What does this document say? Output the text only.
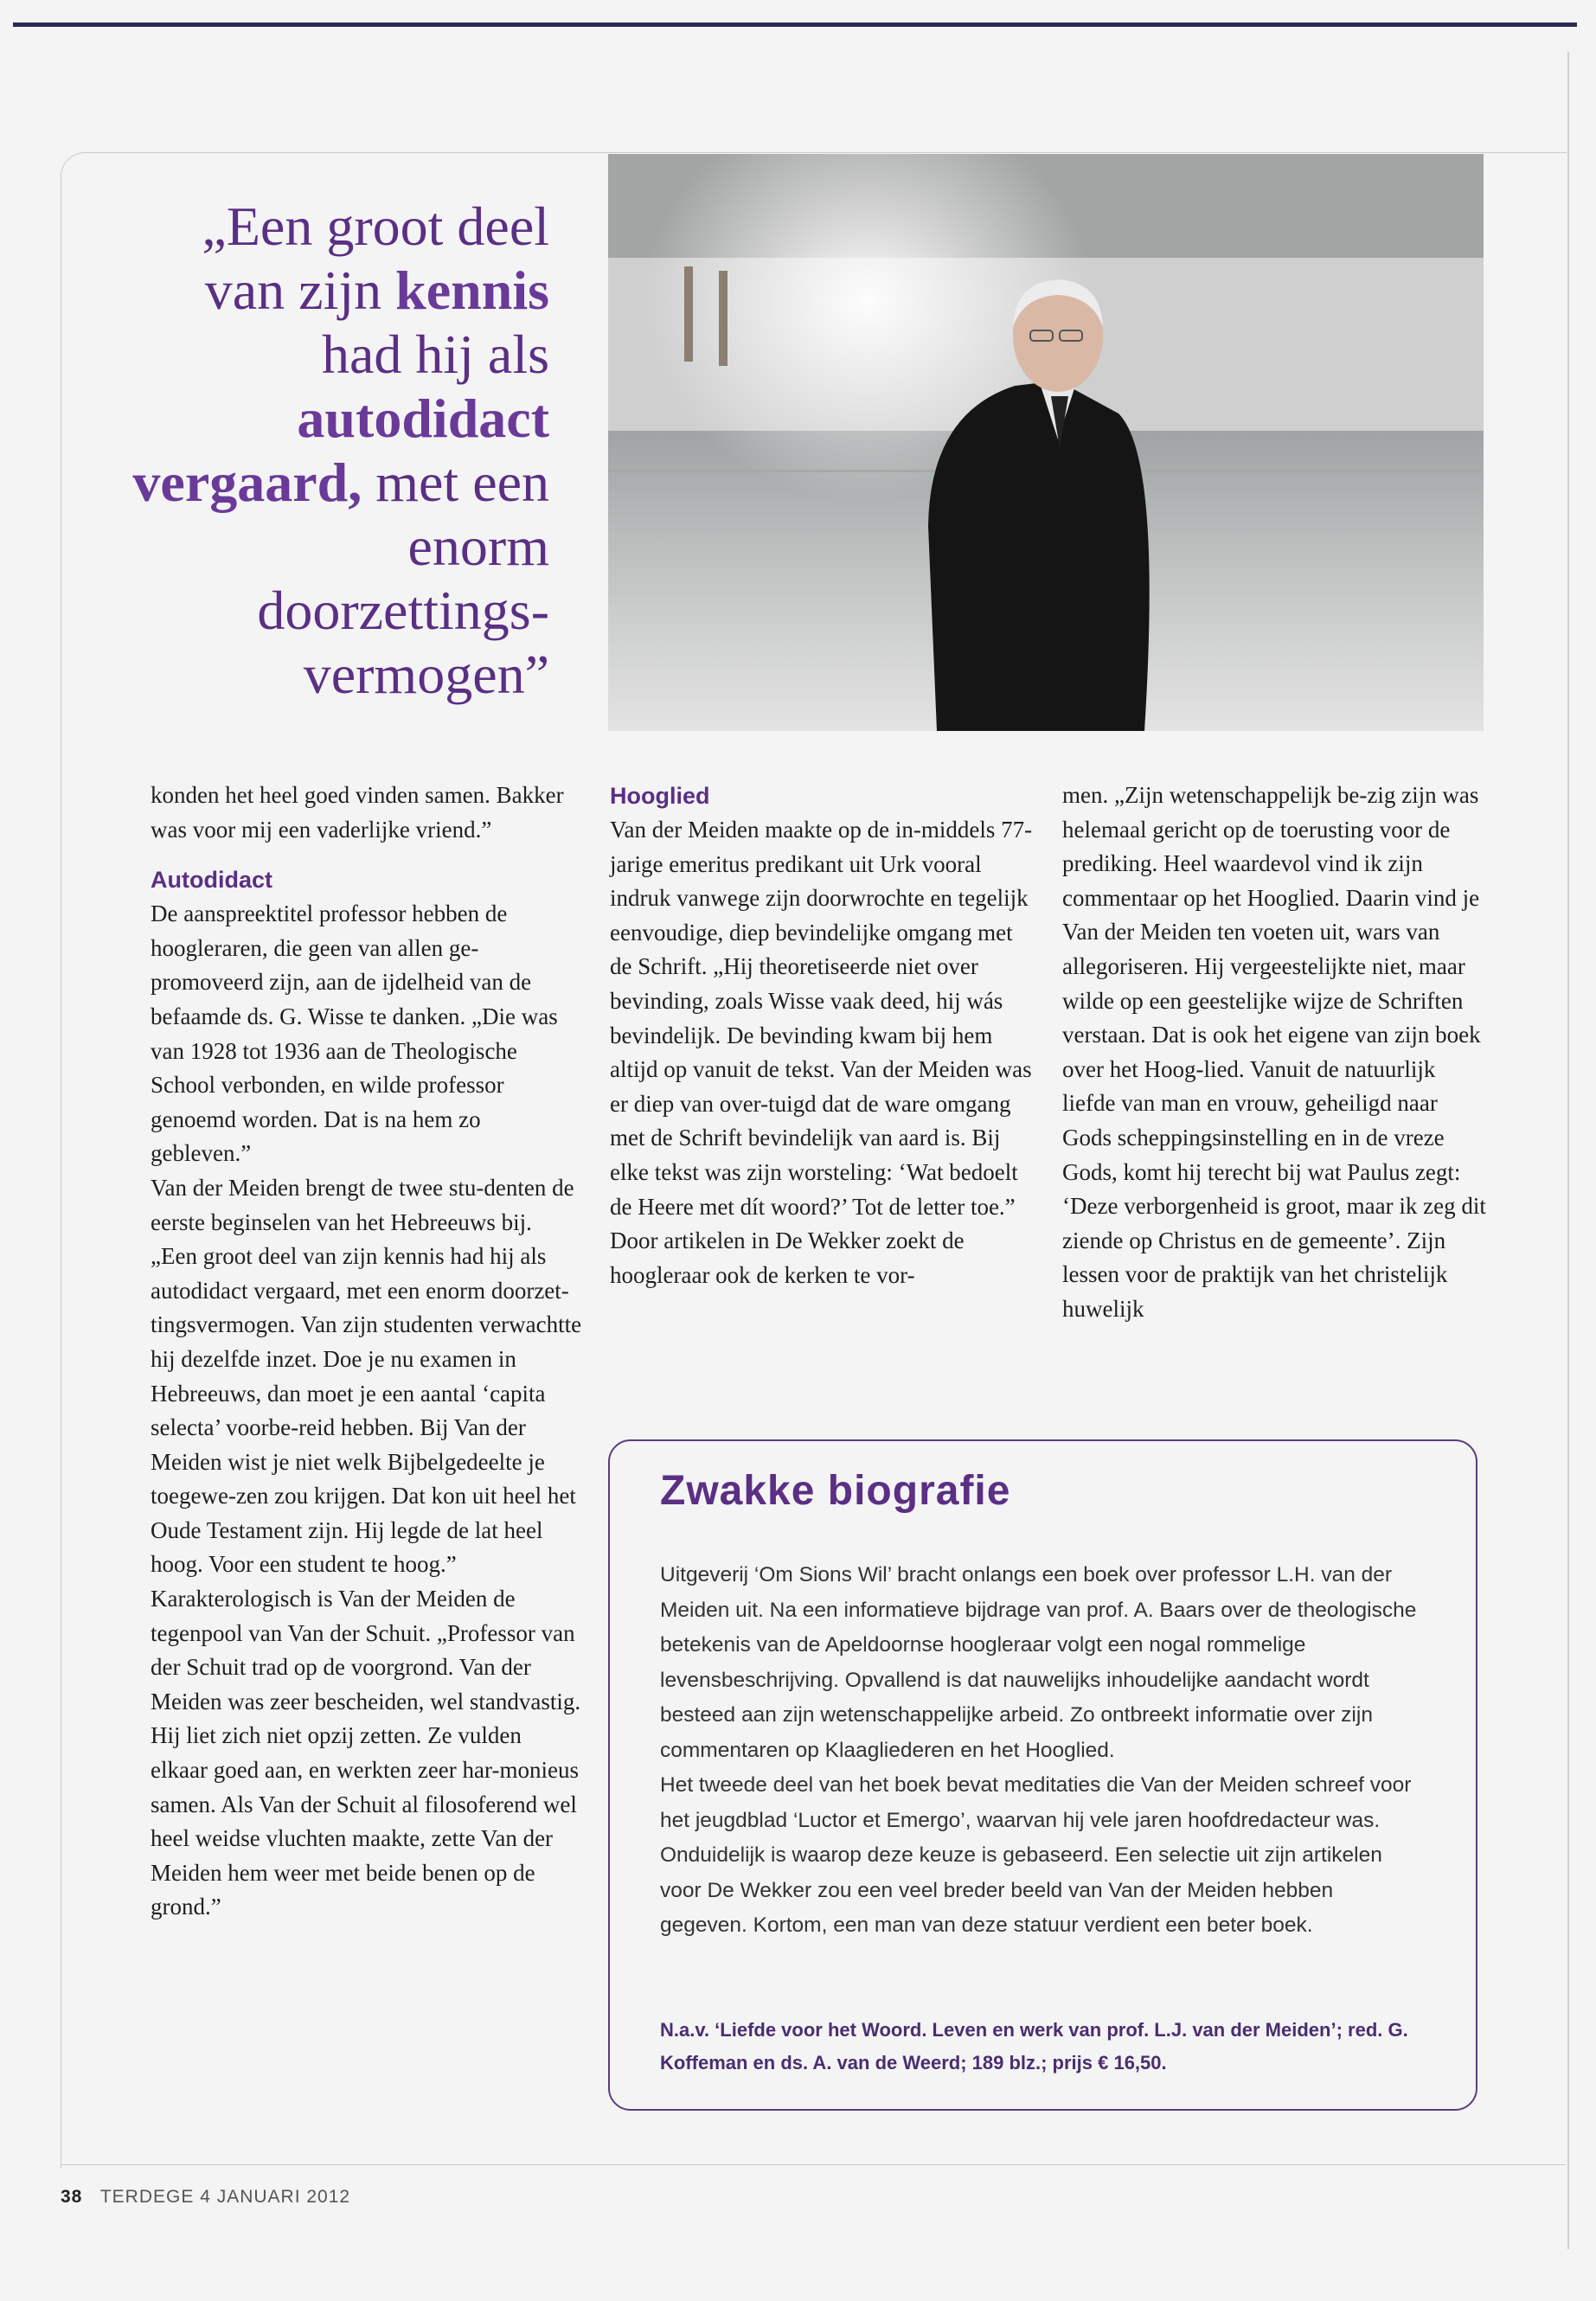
„Een groot deel van zijn kennis had hij als autodidact vergaard, met een enorm doorzettings- vermogen”

konden het heel goed vinden samen. Bakker was voor mij een vaderlijke vriend.”

Autodidact

De aanspreektitel professor hebben de hoogleraren, die geen van allen ge-promoveerd zijn, aan de ijdelheid van de befaamde ds. G. Wisse te danken. „Die was van 1928 tot 1936 aan de Theologische School verbonden, en wilde professor genoemd worden. Dat is na hem zo gebleven.”

Van der Meiden brengt de twee stu-denten de eerste beginselen van het Hebreeuws bij. „Een groot deel van zijn kennis had hij als autodidact vergaard, met een enorm doorzet-tingsvermogen. Van zijn studenten verwachtte hij dezelfde inzet. Doe je nu examen in Hebreeuws, dan moet je een aantal ‘capita selecta’ voorbe-reid hebben. Bij Van der Meiden wist je niet welk Bijbelgedeelte je toegewe-zen zou krijgen. Dat kon uit heel het Oude Testament zijn. Hij legde de lat heel hoog. Voor een student te hoog.”

Karakterologisch is Van der Meiden de tegenpool van Van der Schuit. „Professor van der Schuit trad op de voorgrond. Van der Meiden was zeer bescheiden, wel standvastig. Hij liet zich niet opzij zetten. Ze vulden elkaar goed aan, en werkten zeer har-monieus samen. Als Van der Schuit al filosoferend wel heel weidse vluchten maakte, zette Van der Meiden hem weer met beide benen op de grond.”

Hooglied

Van der Meiden maakte op de in-middels 77-jarige emeritus predikant uit Urk vooral indruk vanwege zijn doorwrochte en tegelijk eenvoudige, diep bevindelijke omgang met de Schrift. „Hij theoretiseerde niet over bevinding, zoals Wisse vaak deed, hij wás bevindelijk. De bevinding kwam bij hem altijd op vanuit de tekst. Van der Meiden was er diep van over-tuigd dat de ware omgang met de Schrift bevindelijk van aard is. Bij elke tekst was zijn worsteling: ‘Wat bedoelt de Heere met dít woord?’ Tot de letter toe.”

Door artikelen in De Wekker zoekt de hoogleraar ook de kerken te vor-

men. „Zijn wetenschappelijk be-zig zijn was helemaal gericht op de toerusting voor de prediking. Heel waardevol vind ik zijn commentaar op het Hooglied. Daarin vind je Van der Meiden ten voeten uit, wars van allegoriseren. Hij vergeestelijkte niet, maar wilde op een geestelijke wijze de Schriften verstaan. Dat is ook het eigene van zijn boek over het Hoog-lied. Vanuit de natuurlijk liefde van man en vrouw, geheiligd naar Gods scheppingsinstelling en in de vreze Gods, komt hij terecht bij wat Paulus zegt: ‘Deze verborgenheid is groot, maar ik zeg dit ziende op Christus en de gemeente’. Zijn lessen voor de praktijk van het christelijk huwelijk

Zwakke biografie

Uitgeverij ‘Om Sions Wil’ bracht onlangs een boek over professor L.H. van der Meiden uit. Na een informatieve bijdrage van prof. A. Baars over de theologische betekenis van de Apeldoornse hoogleraar volgt een nogal rommelige levensbeschrijving. Opvallend is dat nauwelijks inhoudelijke aandacht wordt besteed aan zijn wetenschappelijke arbeid. Zo ontbreekt informatie over zijn commentaren op Klaagliederen en het Hooglied.

Het tweede deel van het boek bevat meditaties die Van der Meiden schreef voor het jeugdblad ‘Luctor et Emergo’, waarvan hij vele jaren hoofdredacteur was. Onduidelijk is waarop deze keuze is gebaseerd. Een selectie uit zijn artikelen voor De Wekker zou een veel breder beeld van Van der Meiden hebben gegeven. Kortom, een man van deze statuur verdient een beter boek.

N.a.v. ‘Liefde voor het Woord. Leven en werk van prof. L.J. van der Meiden’; red. G. Koffeman en ds. A. van de Weerd; 189 blz.; prijs € 16,50.
38 TERDEGE 4 JANUARI 2012
